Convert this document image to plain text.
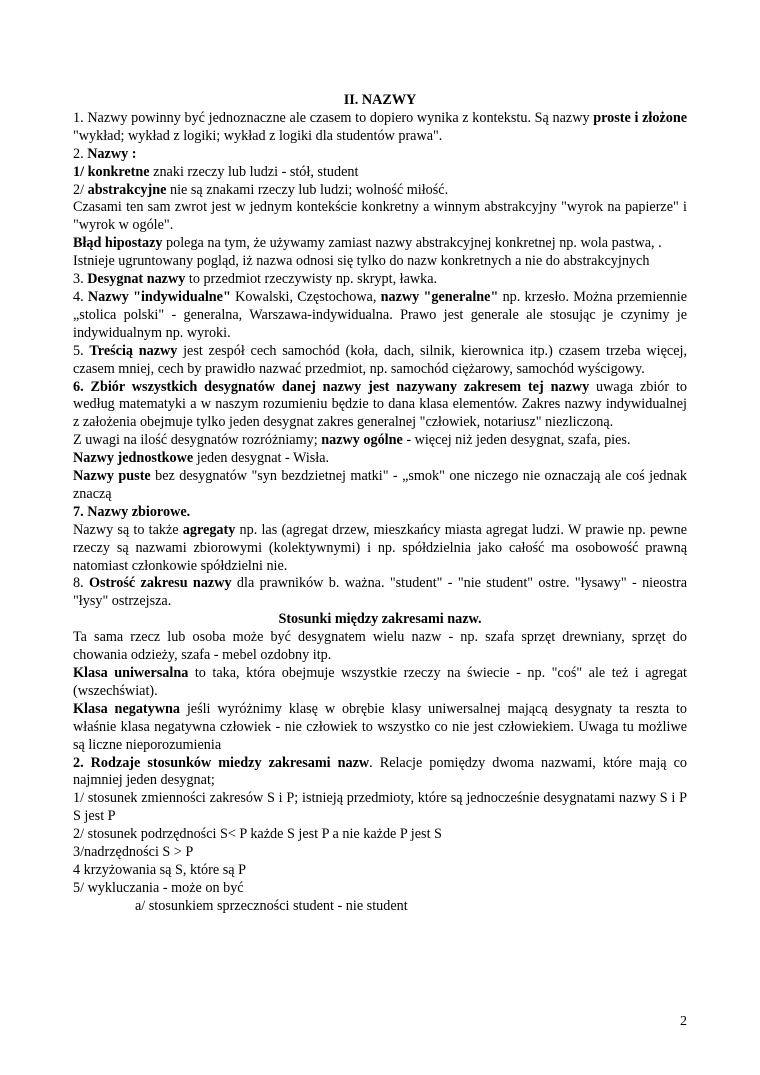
II. NAZWY

1. Nazwy powinny być jednoznaczne ale czasem to dopiero wynika z kontekstu. Są nazwy proste i złożone "wykład; wykład z logiki; wykład z logiki dla studentów prawa".

2. Nazwy :

1/ konkretne znaki rzeczy lub ludzi - stół, student

2/ abstrakcyjne nie są znakami rzeczy lub ludzi; wolność miłość.

Czasami ten sam zwrot jest w jednym kontekście konkretny a winnym abstrakcyjny "wyrok na papierze" i "wyrok w ogóle".

Błąd hipostazy polega na tym, że używamy zamiast nazwy abstrakcyjnej konkretnej np. wola pastwa, .

Istnieje ugruntowany pogląd, iż nazwa odnosi się tylko do nazw konkretnych a nie do abstrakcyjnych

3. Desygnat nazwy to przedmiot rzeczywisty np. skrypt, ławka.

4. Nazwy "indywidualne" Kowalski, Częstochowa, nazwy "generalne" np. krzesło. Można przemiennie „stolica polski" - generalna, Warszawa-indywidualna. Prawo jest generale ale stosując je czynimy je indywidualnym np. wyroki.

5. Treścią nazwy jest zespół cech samochód (koła, dach, silnik, kierownica itp.) czasem trzeba więcej, czasem mniej, cech by prawidło nazwać przedmiot, np. samochód ciężarowy, samochód wyścigowy.

6. Zbiór wszystkich desygnatów danej nazwy jest nazywany zakresem tej nazwy uwaga zbiór to według matematyki a w naszym rozumieniu będzie to dana klasa elementów. Zakres nazwy indywidualnej z założenia obejmuje tylko jeden desygnat zakres generalnej "człowiek, notariusz" niezliczoną.

Z uwagi na ilość desygnatów rozróżniamy; nazwy ogólne - więcej niż jeden desygnat, szafa, pies.

Nazwy jednostkowe jeden desygnat - Wisła.

Nazwy puste bez desygnatów "syn bezdzietnej matki" - „smok" one niczego nie oznaczają ale coś jednak znaczą

7. Nazwy zbiorowe.

Nazwy są to także agregaty np. las (agregat drzew, mieszkańcy miasta agregat ludzi. W prawie np. pewne rzeczy są nazwami zbiorowymi (kolektywnymi) i np. spółdzielnia jako całość ma osobowość prawną natomiast członkowie spółdzielni nie.

8. Ostrość zakresu nazwy dla prawników b. ważna. "student" - "nie student" ostre. "łysawy" - nieostra "łysy" ostrzejsza.

Stosunki między zakresami nazw.

Ta sama rzecz lub osoba może być desygnatem wielu nazw - np. szafa sprzęt drewniany, sprzęt do chowania odzieży, szafa - mebel ozdobny itp.

Klasa uniwersalna to taka, która obejmuje wszystkie rzeczy na świecie - np. "coś" ale też i agregat (wszechświat).

Klasa negatywna jeśli wyróżnimy klasę w obrębie klasy uniwersalnej mającą desygnaty ta reszta to właśnie klasa negatywna człowiek - nie człowiek to wszystko co nie jest człowiekiem. Uwaga tu możliwe są liczne nieporozumienia

2. Rodzaje stosunków miedzy zakresami nazw. Relacje pomiędzy dwoma nazwami, które mają co najmniej jeden desygnat;

1/ stosunek zmienności zakresów S i P; istnieją przedmioty, które są jednocześnie desygnatami nazwy S i P S jest P

2/ stosunek podrzędności S< P każde S jest P a nie każde P jest S

3/nadrzędności S > P

4 krzyżowania są S, które są P

5/ wykluczania - może on być

a/ stosunkiem sprzeczności student - nie student

2
